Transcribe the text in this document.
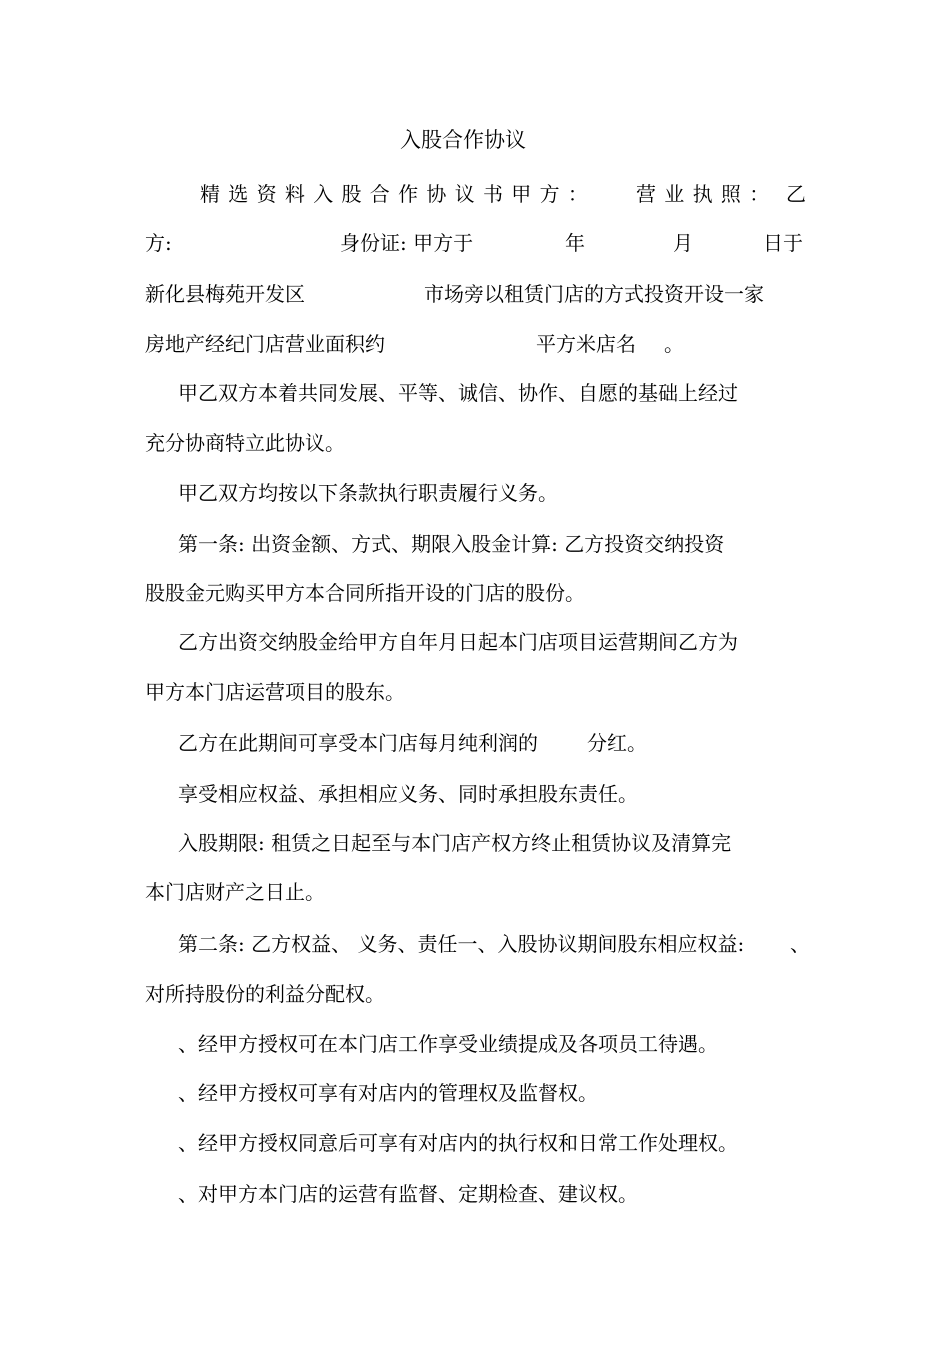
入股合作协议
精选资料入股合作协议书甲方： 营业执照： 乙
方:	身份证: 甲方于	年	月	日于
新化县梅苑开发区	市场旁以租赁门店的方式投资开设一家
房地产经纪门店营业面积约	平方米店名 。
甲乙双方本着共同发展、平等、诚信、协作、自愿的基础上经过
充分协商特立此协议。
甲乙双方均按以下条款执行职责履行义务。
第一条: 出资金额、方式、期限入股金计算: 乙方投资交纳投资
股股金元购买甲方本合同所指开设的门店的股份。
乙方出资交纳股金给甲方自年月日起本门店项目运营期间乙方为
甲方本门店运营项目的股东。
乙方在此期间可享受本门店每月纯利润的 分红。
享受相应权益、承担相应义务、同时承担股东责任。
入股期限: 租赁之日起至与本门店产权方终止租赁协议及清算完
本门店财产之日止。
第二条: 乙方权益、 义务、责任一、入股协议期间股东相应权益: 、
对所持股份的利益分配权。
、经甲方授权可在本门店工作享受业绩提成及各项员工待遇。
、经甲方授权可享有对店内的管理权及监督权。
、经甲方授权同意后可享有对店内的执行权和日常工作处理权。
、对甲方本门店的运营有监督、定期检查、建议权。
